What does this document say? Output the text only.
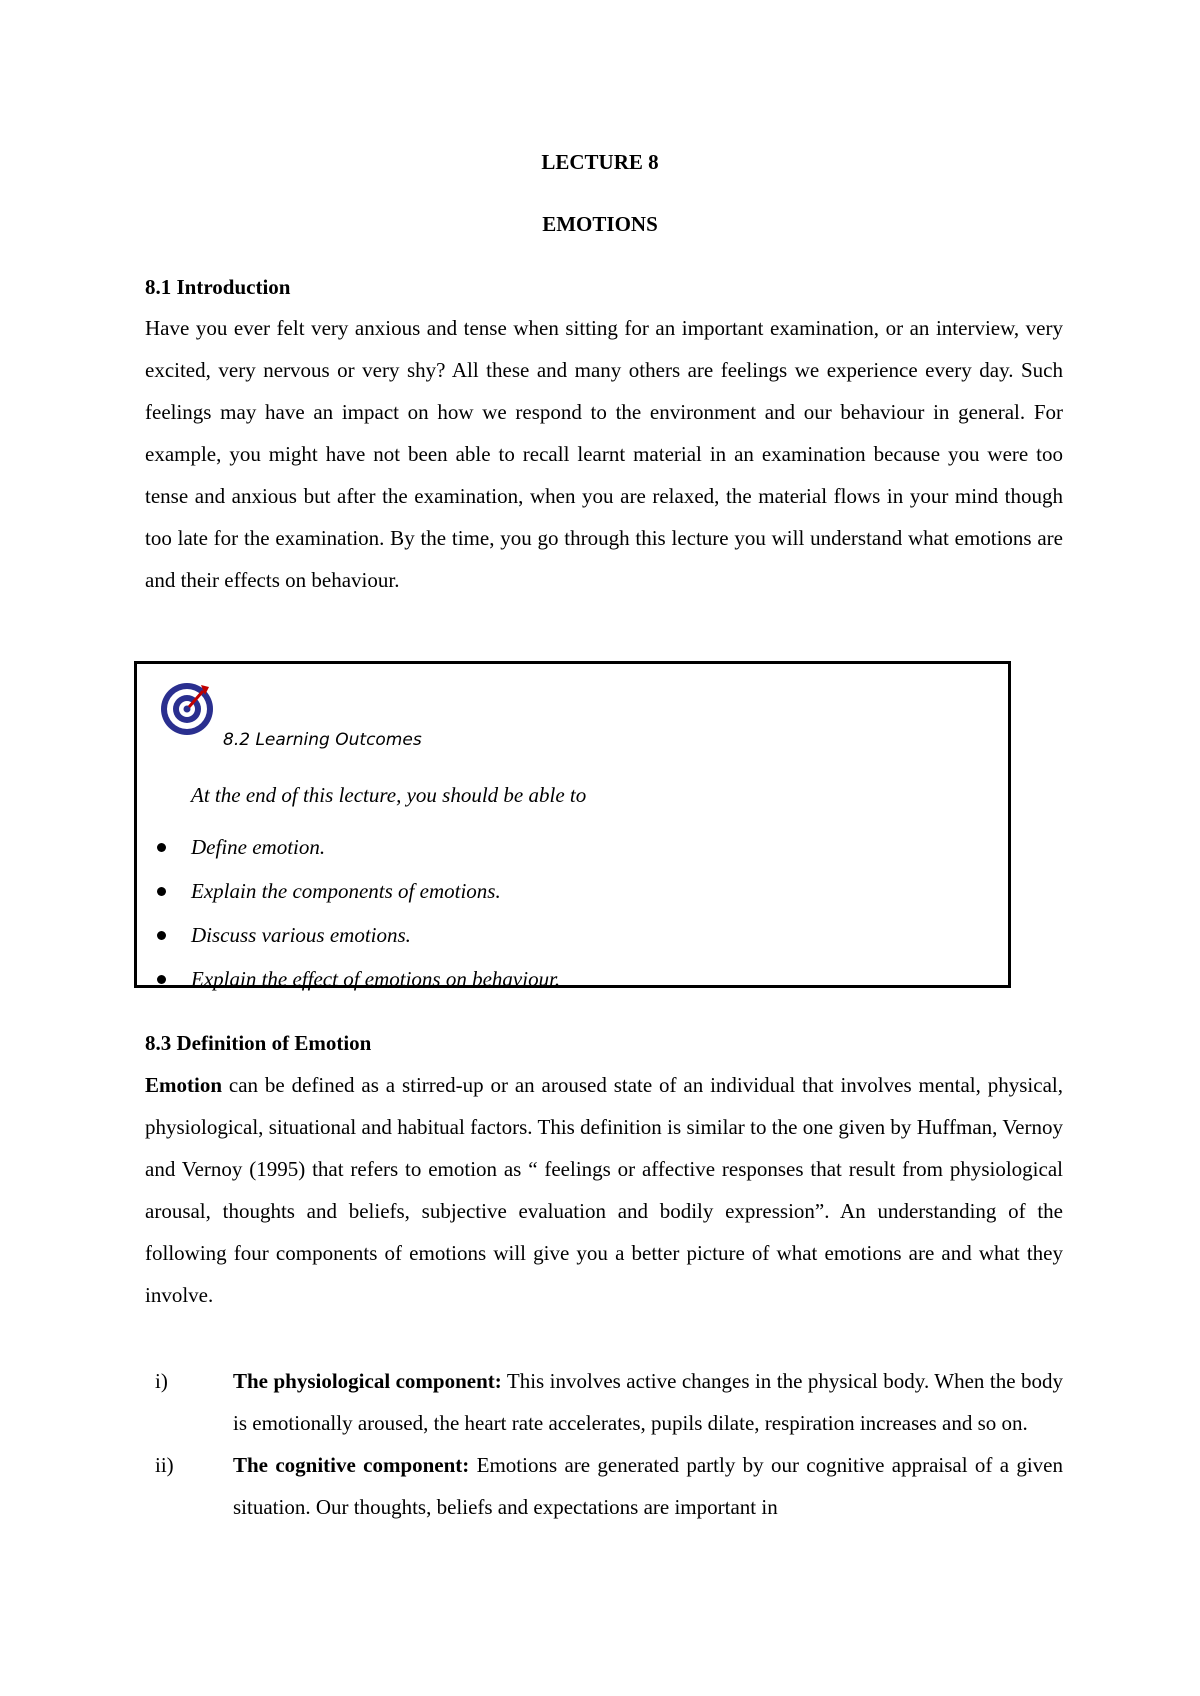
LECTURE 8
EMOTIONS
8.1 Introduction
Have you ever felt very anxious and tense when sitting for an important examination, or an interview, very excited, very nervous or very shy? All these and many others are feelings we experience every day. Such feelings may have an impact on how we respond to the environment and our behaviour in general. For example, you might have not been able to recall learnt material in an examination because you were too tense and anxious but after the examination, when you are relaxed, the material flows in your mind though too late for the examination. By the time, you go through this lecture you will understand what emotions are and their effects on behaviour.
8.2 Learning Outcomes
At the end of this lecture, you should be able to
Define emotion.
Explain the components of emotions.
Discuss various emotions.
Explain the effect of emotions on behaviour.
8.3 Definition of Emotion
Emotion can be defined as a stirred-up or an aroused state of an individual that involves mental, physical, physiological, situational and habitual factors. This definition is similar to the one given by Huffman, Vernoy and Vernoy (1995) that refers to emotion as “ feelings or affective responses that result from physiological arousal, thoughts and beliefs, subjective evaluation and bodily expression”. An understanding of the following four components of emotions will give you a better picture of what emotions are and what they involve.
i)	The physiological component: This involves active changes in the physical body. When the body is emotionally aroused, the heart rate accelerates, pupils dilate, respiration increases and so on.
ii)	The cognitive component: Emotions are generated partly by our cognitive appraisal of a given situation. Our thoughts, beliefs and expectations are important in
